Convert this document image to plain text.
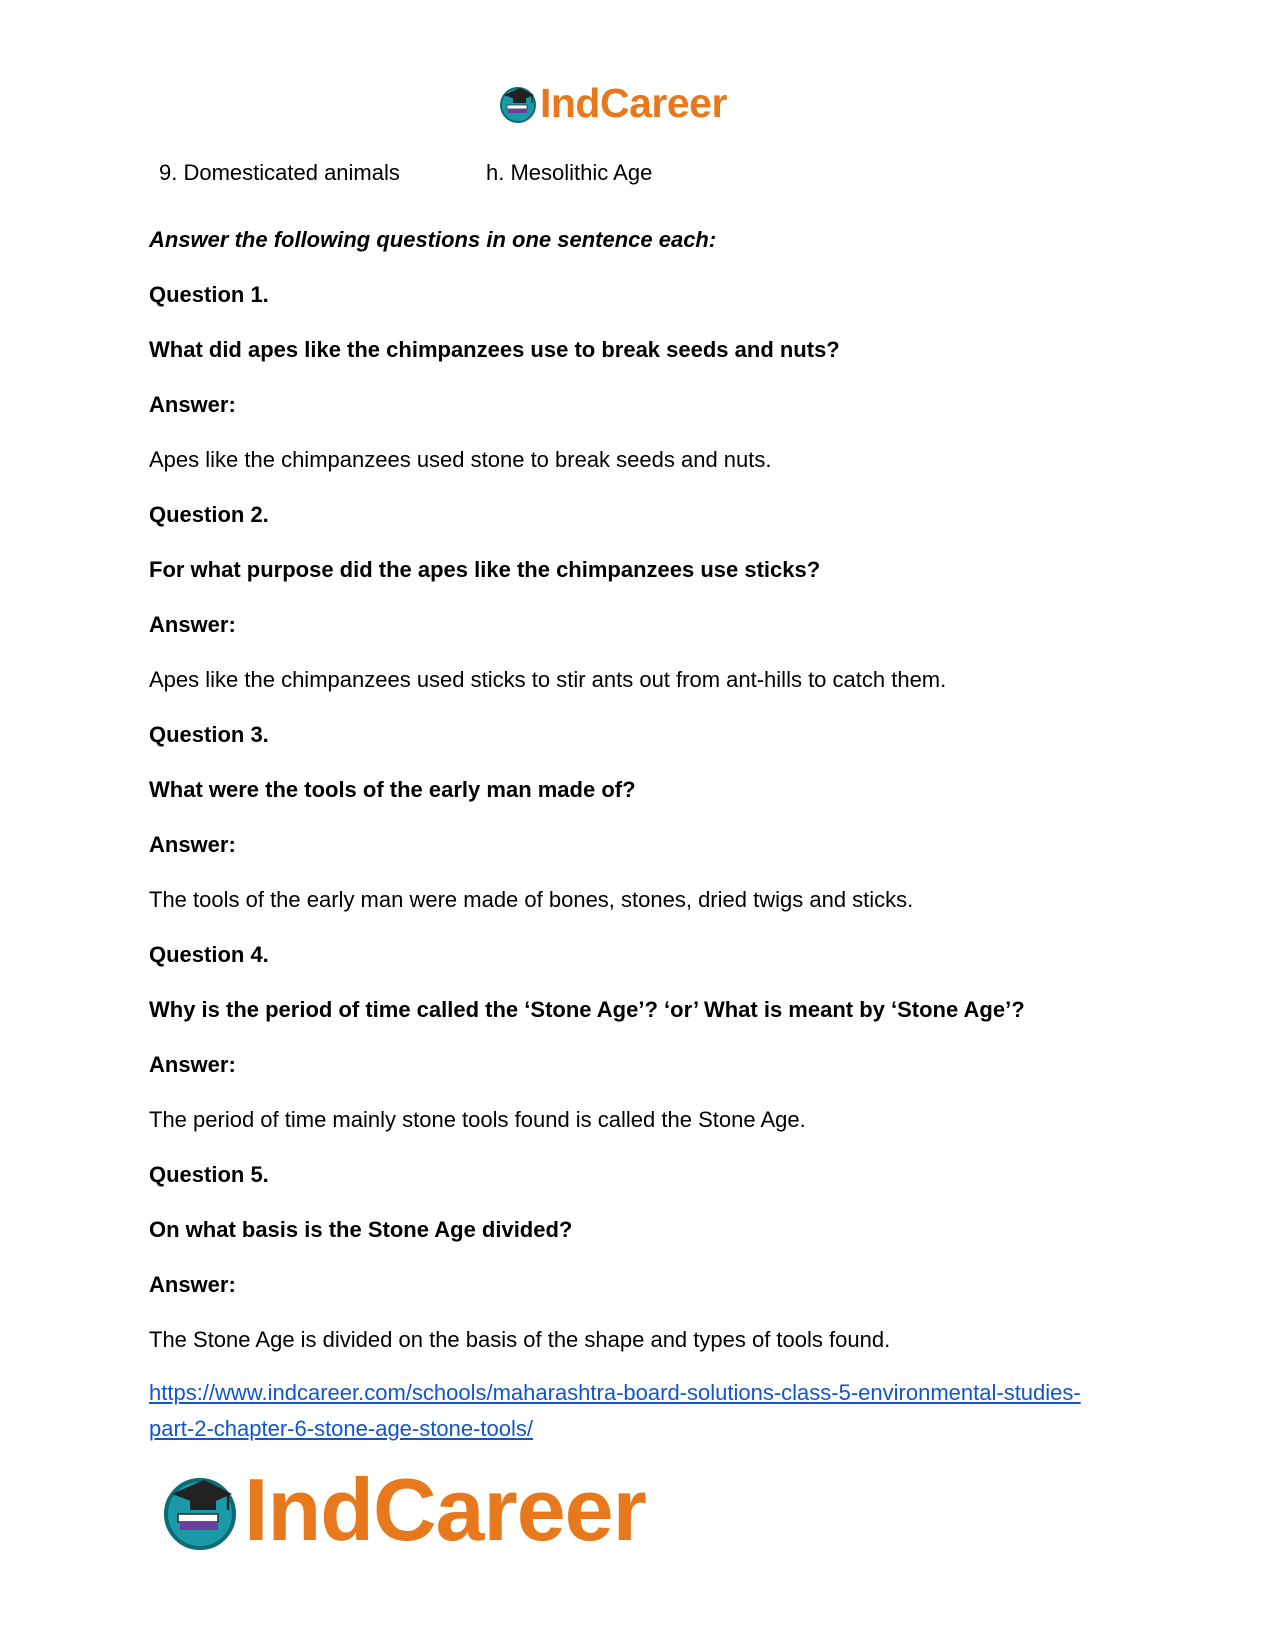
IndCareer
9. Domesticated animals	h. Mesolithic Age
Answer the following questions in one sentence each:
Question 1.
What did apes like the chimpanzees use to break seeds and nuts?
Answer:
Apes like the chimpanzees used stone to break seeds and nuts.
Question 2.
For what purpose did the apes like the chimpanzees use sticks?
Answer:
Apes like the chimpanzees used sticks to stir ants out from ant-hills to catch them.
Question 3.
What were the tools of the early man made of?
Answer:
The tools of the early man were made of bones, stones, dried twigs and sticks.
Question 4.
Why is the period of time called the ‘Stone Age’? ‘or’ What is meant by ‘Stone Age’?
Answer:
The period of time mainly stone tools found is called the Stone Age.
Question 5.
On what basis is the Stone Age divided?
Answer:
The Stone Age is divided on the basis of the shape and types of tools found.
https://www.indcareer.com/schools/maharashtra-board-solutions-class-5-environmental-studies-
part-2-chapter-6-stone-age-stone-tools/
IndCareer
